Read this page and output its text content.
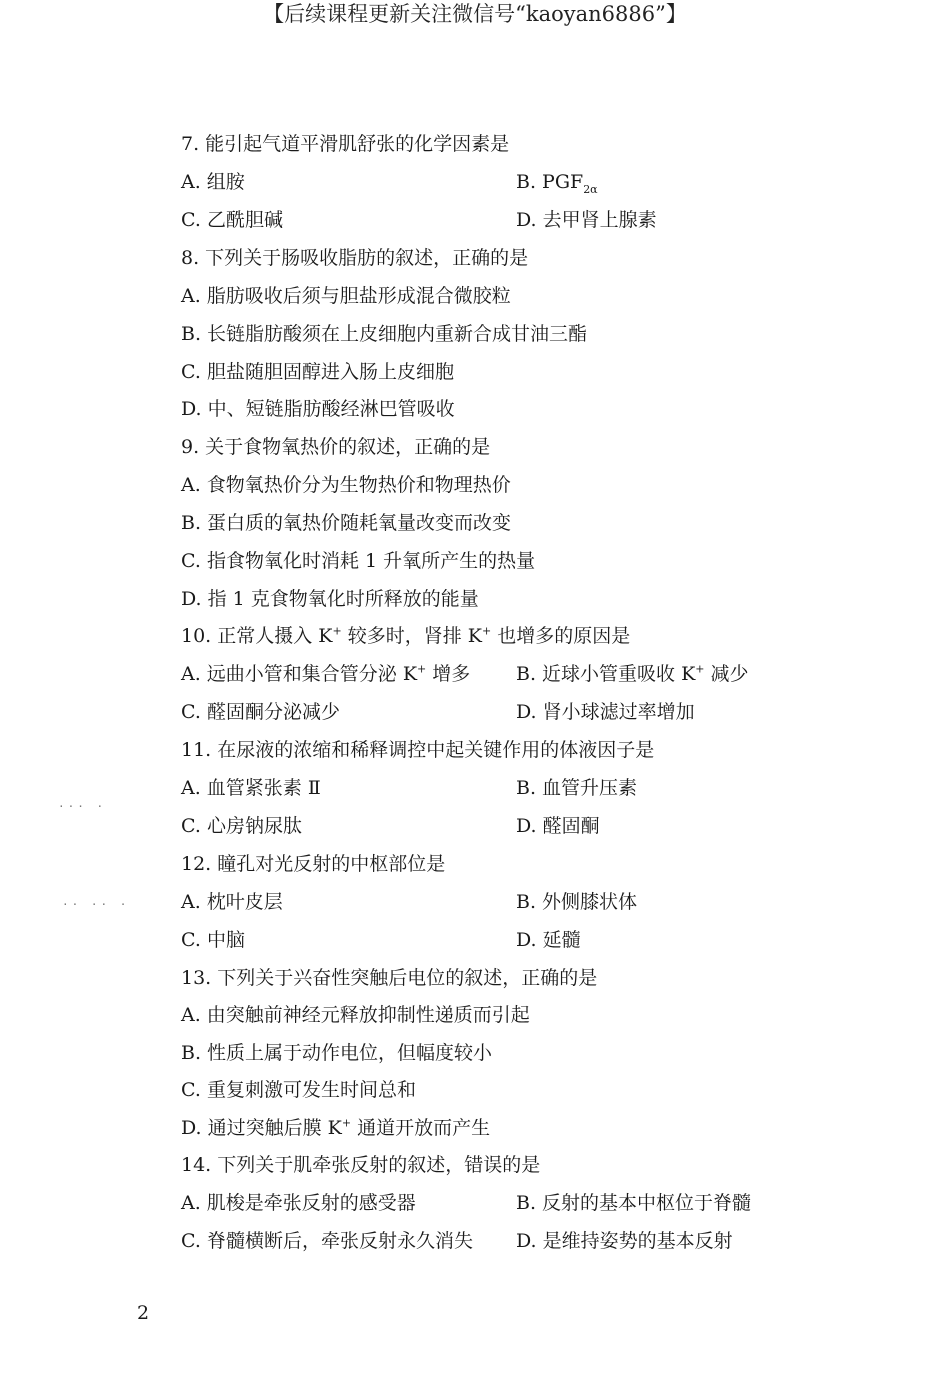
【后续课程更新关注微信号“kaoyan6886”】
7. 能引起气道平滑肌舒张的化学因素是
A. 组胺	B. $PGF_{2\alpha}$
C. 乙酰胆碱	D. 去甲肾上腺素
8. 下列关于肠吸收脂肪的叙述，正确的是
A. 脂肪吸收后须与胆盐形成混合微胶粒
B. 长链脂肪酸须在上皮细胞内重新合成甘油三酯
C. 胆盐随胆固醇进入肠上皮细胞
D. 中、短链脂肪酸经淋巴管吸收
9. 关于食物氧热价的叙述，正确的是
A. 食物氧热价分为生物热价和物理热价
B. 蛋白质的氧热价随耗氧量改变而改变
C. 指食物氧化时消耗 1 升氧所产生的热量
D. 指 1 克食物氧化时所释放的能量
10. 正常人摄入 K+ 较多时，肾排 K+ 也增多的原因是
A. 远曲小管和集合管分泌 K+ 增多 B. 近球小管重吸收 K+ 减少
C. 醛固酮分泌减少	D. 肾小球滤过率增加
11. 在尿液的浓缩和稀释调控中起关键作用的体液因子是
A. 血管紧张素 Ⅱ	B. 血管升压素
C. 心房钠尿肽	D. 醛固酮
12. 瞳孔对光反射的中枢部位是
A. 枕叶皮层	B. 外侧膝状体
C. 中脑	D. 延髓
13. 下列关于兴奋性突触后电位的叙述，正确的是
A. 由突触前神经元释放抑制性递质而引起
B. 性质上属于动作电位，但幅度较小
C. 重复刺激可发生时间总和
D. 通过突触后膜 K+ 通道开放而产生
14. 下列关于肌牵张反射的叙述，错误的是
A. 肌梭是牵张反射的感受器	B. 反射的基本中枢位于脊髓
C. 脊髓横断后，牵张反射永久消失 D. 是维持姿势的基本反射
··· ·
·· ·· ·
2
